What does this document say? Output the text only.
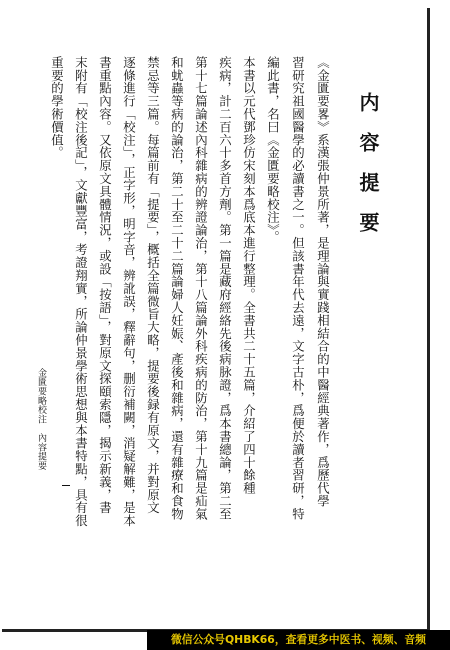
内容提要
《金匱要畧》系漢張仲景所著，是理論與實踐相結合的中醫經典著作，爲歷代學
習研究祖國醫學的必讀書之一。但該書年代去遠，文字古朴，爲便於讀者習研，特
編此書，名曰《金匱要略校注》。
本書以元代鄧珍仿宋刻本爲底本進行整理。全書共二十五篇，介紹了四十餘種
疾病，計二百六十多首方劑。第一篇是藏府經絡先後病脉證，爲本書總論，第二至
第十七篇論述內科雜病的辨證論治，第十八篇論外科疾病的防治，第十九篇是疝氣
和蚘蟲等病的論治，第二十至二十二篇論婦人妊娠、產後和雜病，還有雜療和食物
禁忌等三篇。每篇前有「提要」，概括全篇微旨大略，提要後録有原文，并對原文
逐條進行「校注」，正字形，明字音，辨訛誤，釋辭句，删衍補闕，消疑解難，是本
書重點內容。又依原文具體情況，或設「按語」，對原文探頤索隱，揭示新義，書
末附有「校注後記」，文獻豐富，考證翔實，所論仲景學術思想與本書特點，具有很
重要的學術價值。
金匱要略校注　內容提要
微信公众号QHBK66，查看更多中医书、视频、音频
